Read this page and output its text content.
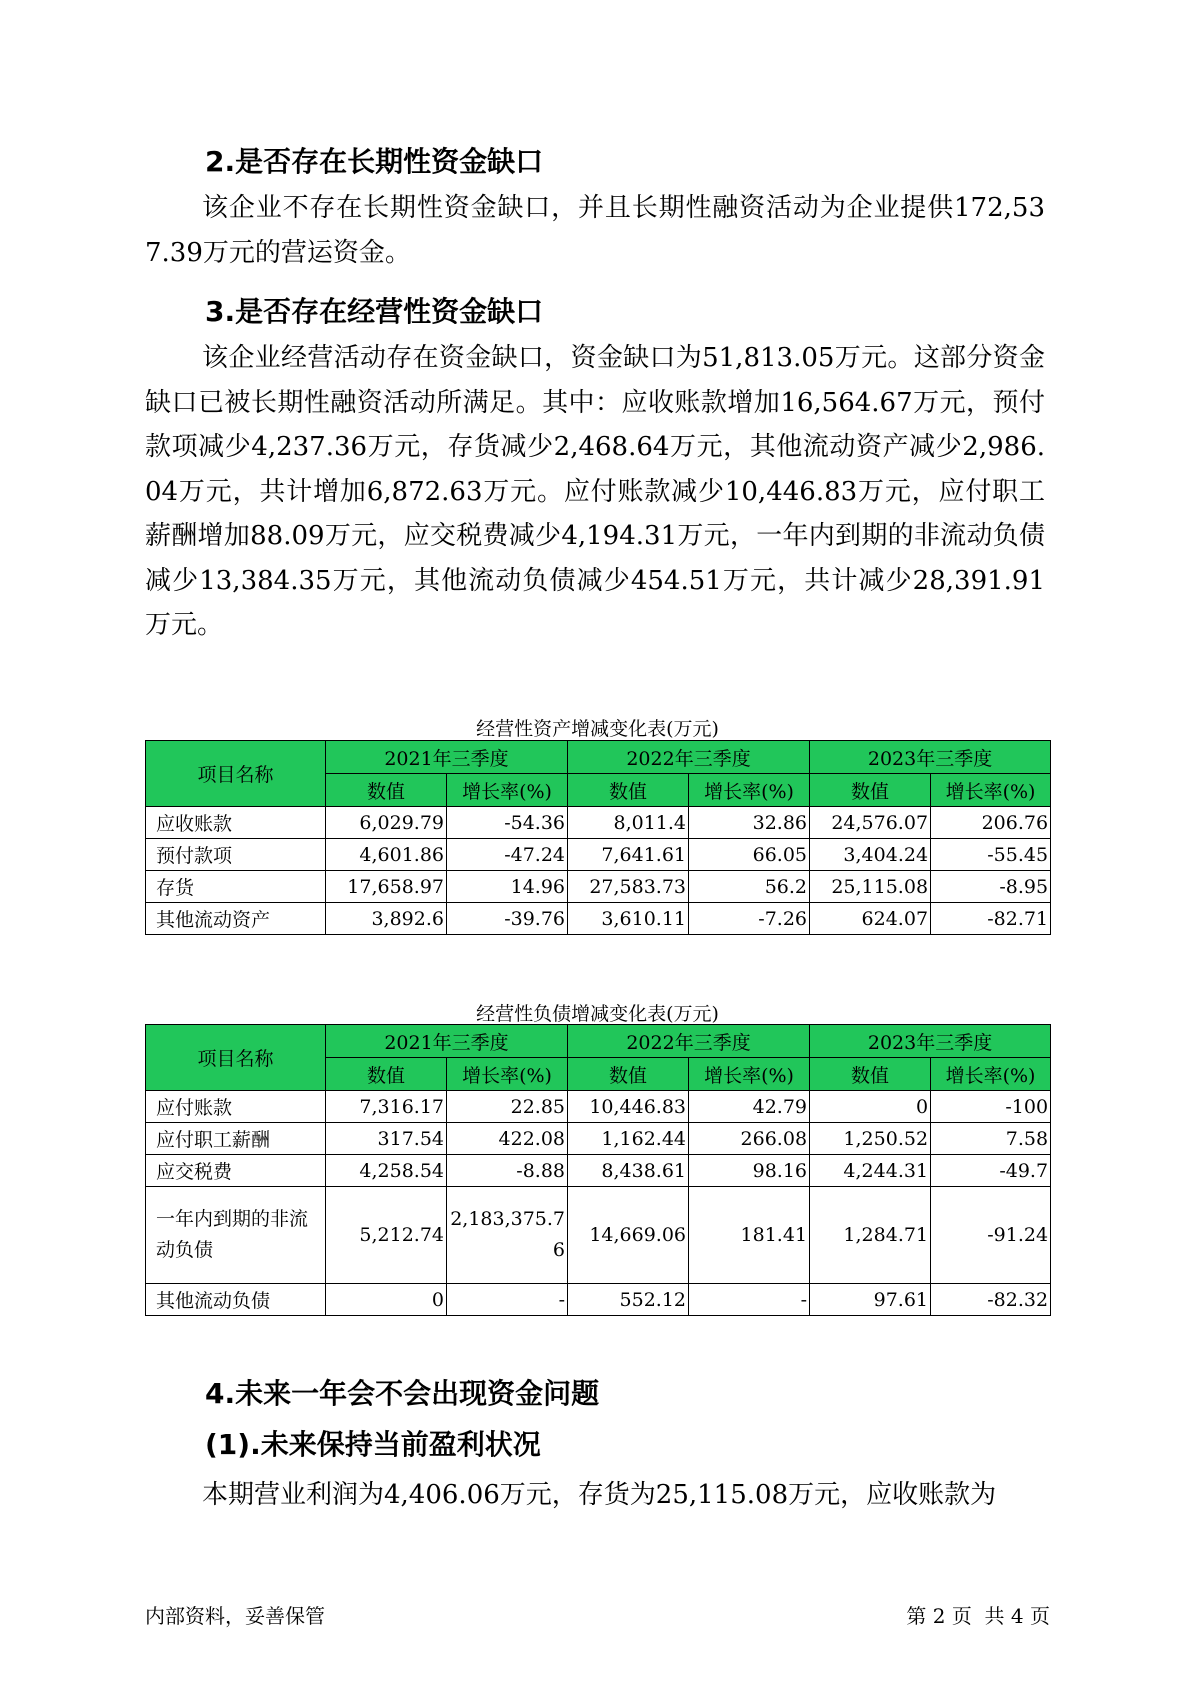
2.是否存在长期性资金缺口

该企业不存在长期性资金缺口，并且长期性融资活动为企业提供172,537.39万元的营运资金。

3.是否存在经营性资金缺口

该企业经营活动存在资金缺口，资金缺口为51,813.05万元。这部分资金缺口已被长期性融资活动所满足。其中：应收账款增加16,564.67万元，预付款项减少4,237.36万元，存货减少2,468.64万元，其他流动资产减少2,986.04万元，共计增加6,872.63万元。应付账款减少10,446.83万元，应付职工薪酬增加88.09万元，应交税费减少4,194.31万元，一年内到期的非流动负债减少13,384.35万元，其他流动负债减少454.51万元，共计减少28,391.91万元。

经营性资产增减变化表(万元)

项目名称	2021年三季度		2022年三季度		2023年三季度	
	数值	增长率(%)	数值	增长率(%)	数值	增长率(%)
应收账款	6,029.79	-54.36	8,011.4	32.86	24,576.07	206.76
预付款项	4,601.86	-47.24	7,641.61	66.05	3,404.24	-55.45
存货	17,658.97	14.96	27,583.73	56.2	25,115.08	-8.95
其他流动资产	3,892.6	-39.76	3,610.11	-7.26	624.07	-82.71

经营性负债增减变化表(万元)

项目名称	2021年三季度		2022年三季度		2023年三季度	
	数值	增长率(%)	数值	增长率(%)	数值	增长率(%)
应付账款	7,316.17	22.85	10,446.83	42.79	0	-100
应付职工薪酬	317.54	422.08	1,162.44	266.08	1,250.52	7.58
应交税费	4,258.54	-8.88	8,438.61	98.16	4,244.31	-49.7
一年内到期的非流动负债	5,212.74	2,183,375.76	14,669.06	181.41	1,284.71	-91.24
其他流动负债	0	-	552.12	-	97.61	-82.32
4.未来一年会不会出现资金问题
(1).未来保持当前盈利状况

本期营业利润为4,406.06万元，存货为25,115.08万元，应收账款为

内部资料，妥善保管	第 2 页  共 4 页
